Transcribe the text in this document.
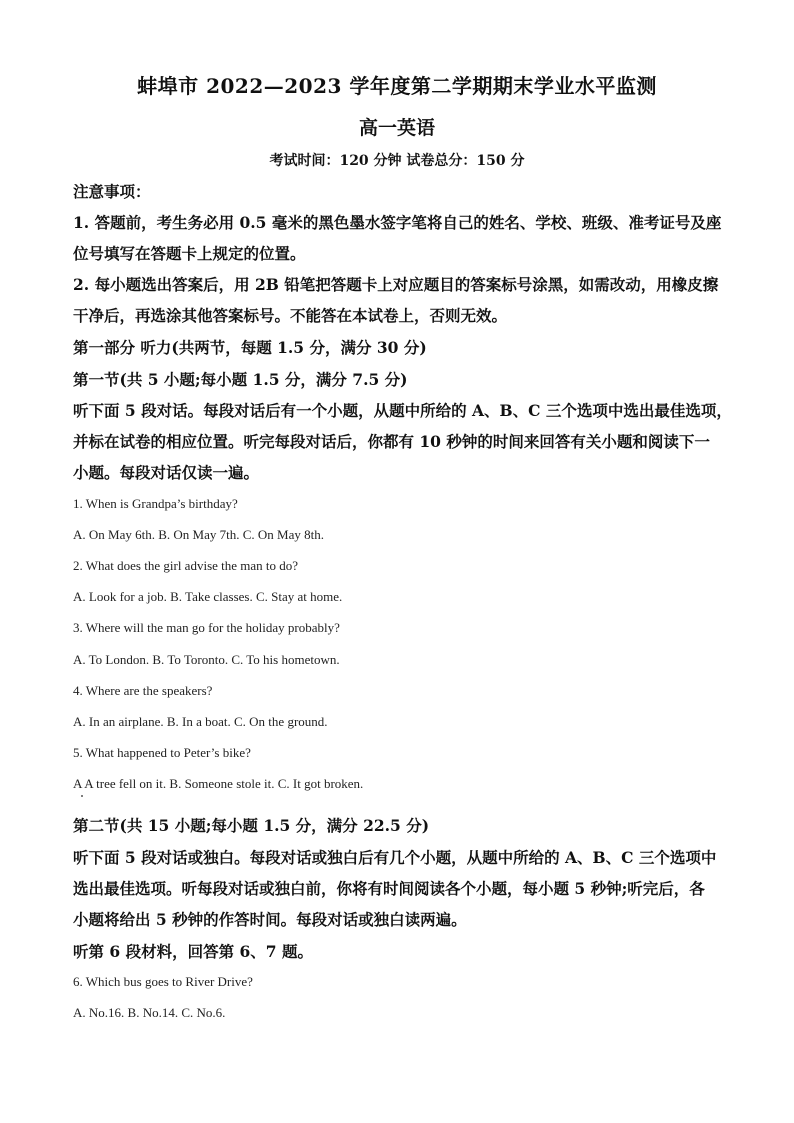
蚌埠市 2022—2023 学年度第二学期期末学业水平监测
高一英语
考试时间：120 分钟 试卷总分：150 分
注意事项：
1. 答题前，考生务必用 0.5 毫米的黑色墨水签字笔将自己的姓名、学校、班级、准考证号及座
位号填写在答题卡上规定的位置。
2. 每小题选出答案后，用 2B 铅笔把答题卡上对应题目的答案标号涂黑，如需改动，用橡皮擦
干净后，再选涂其他答案标号。不能答在本试卷上，否则无效。
第一部分 听力(共两节，每题 1.5 分，满分 30 分)
第一节(共 5 小题;每小题 1.5 分，满分 7.5 分)
听下面 5 段对话。每段对话后有一个小题，从题中所给的 A、B、C 三个选项中选出最佳选项，
并标在试卷的相应位置。听完每段对话后，你都有 10 秒钟的时间来回答有关小题和阅读下一
小题。每段对话仅读一遍。
1. When is Grandpa’s birthday?
A. On May 6th. B. On May 7th. C. On May 8th.
2. What does the girl advise the man to do?
A. Look for a job. B. Take classes. C. Stay at home.
3. Where will the man go for the holiday probably?
A. To London. B. To Toronto. C. To his hometown.
4. Where are the speakers?
A. In an airplane. B. In a boat. C. On the ground.
5. What happened to Peter’s bike?
A A tree fell on it. B. Someone stole it. C. It got broken.
第二节(共 15 小题;每小题 1.5 分，满分 22.5 分)
听下面 5 段对话或独白。每段对话或独白后有几个小题，从题中所给的 A、B、C 三个选项中
选出最佳选项。听每段对话或独白前，你将有时间阅读各个小题，每小题 5 秒钟;听完后，各
小题将给出 5 秒钟的作答时间。每段对话或独白读两遍。
听第 6 段材料，回答第 6、7 题。
6. Which bus goes to River Drive?
A. No.16. B. No.14. C. No.6.
